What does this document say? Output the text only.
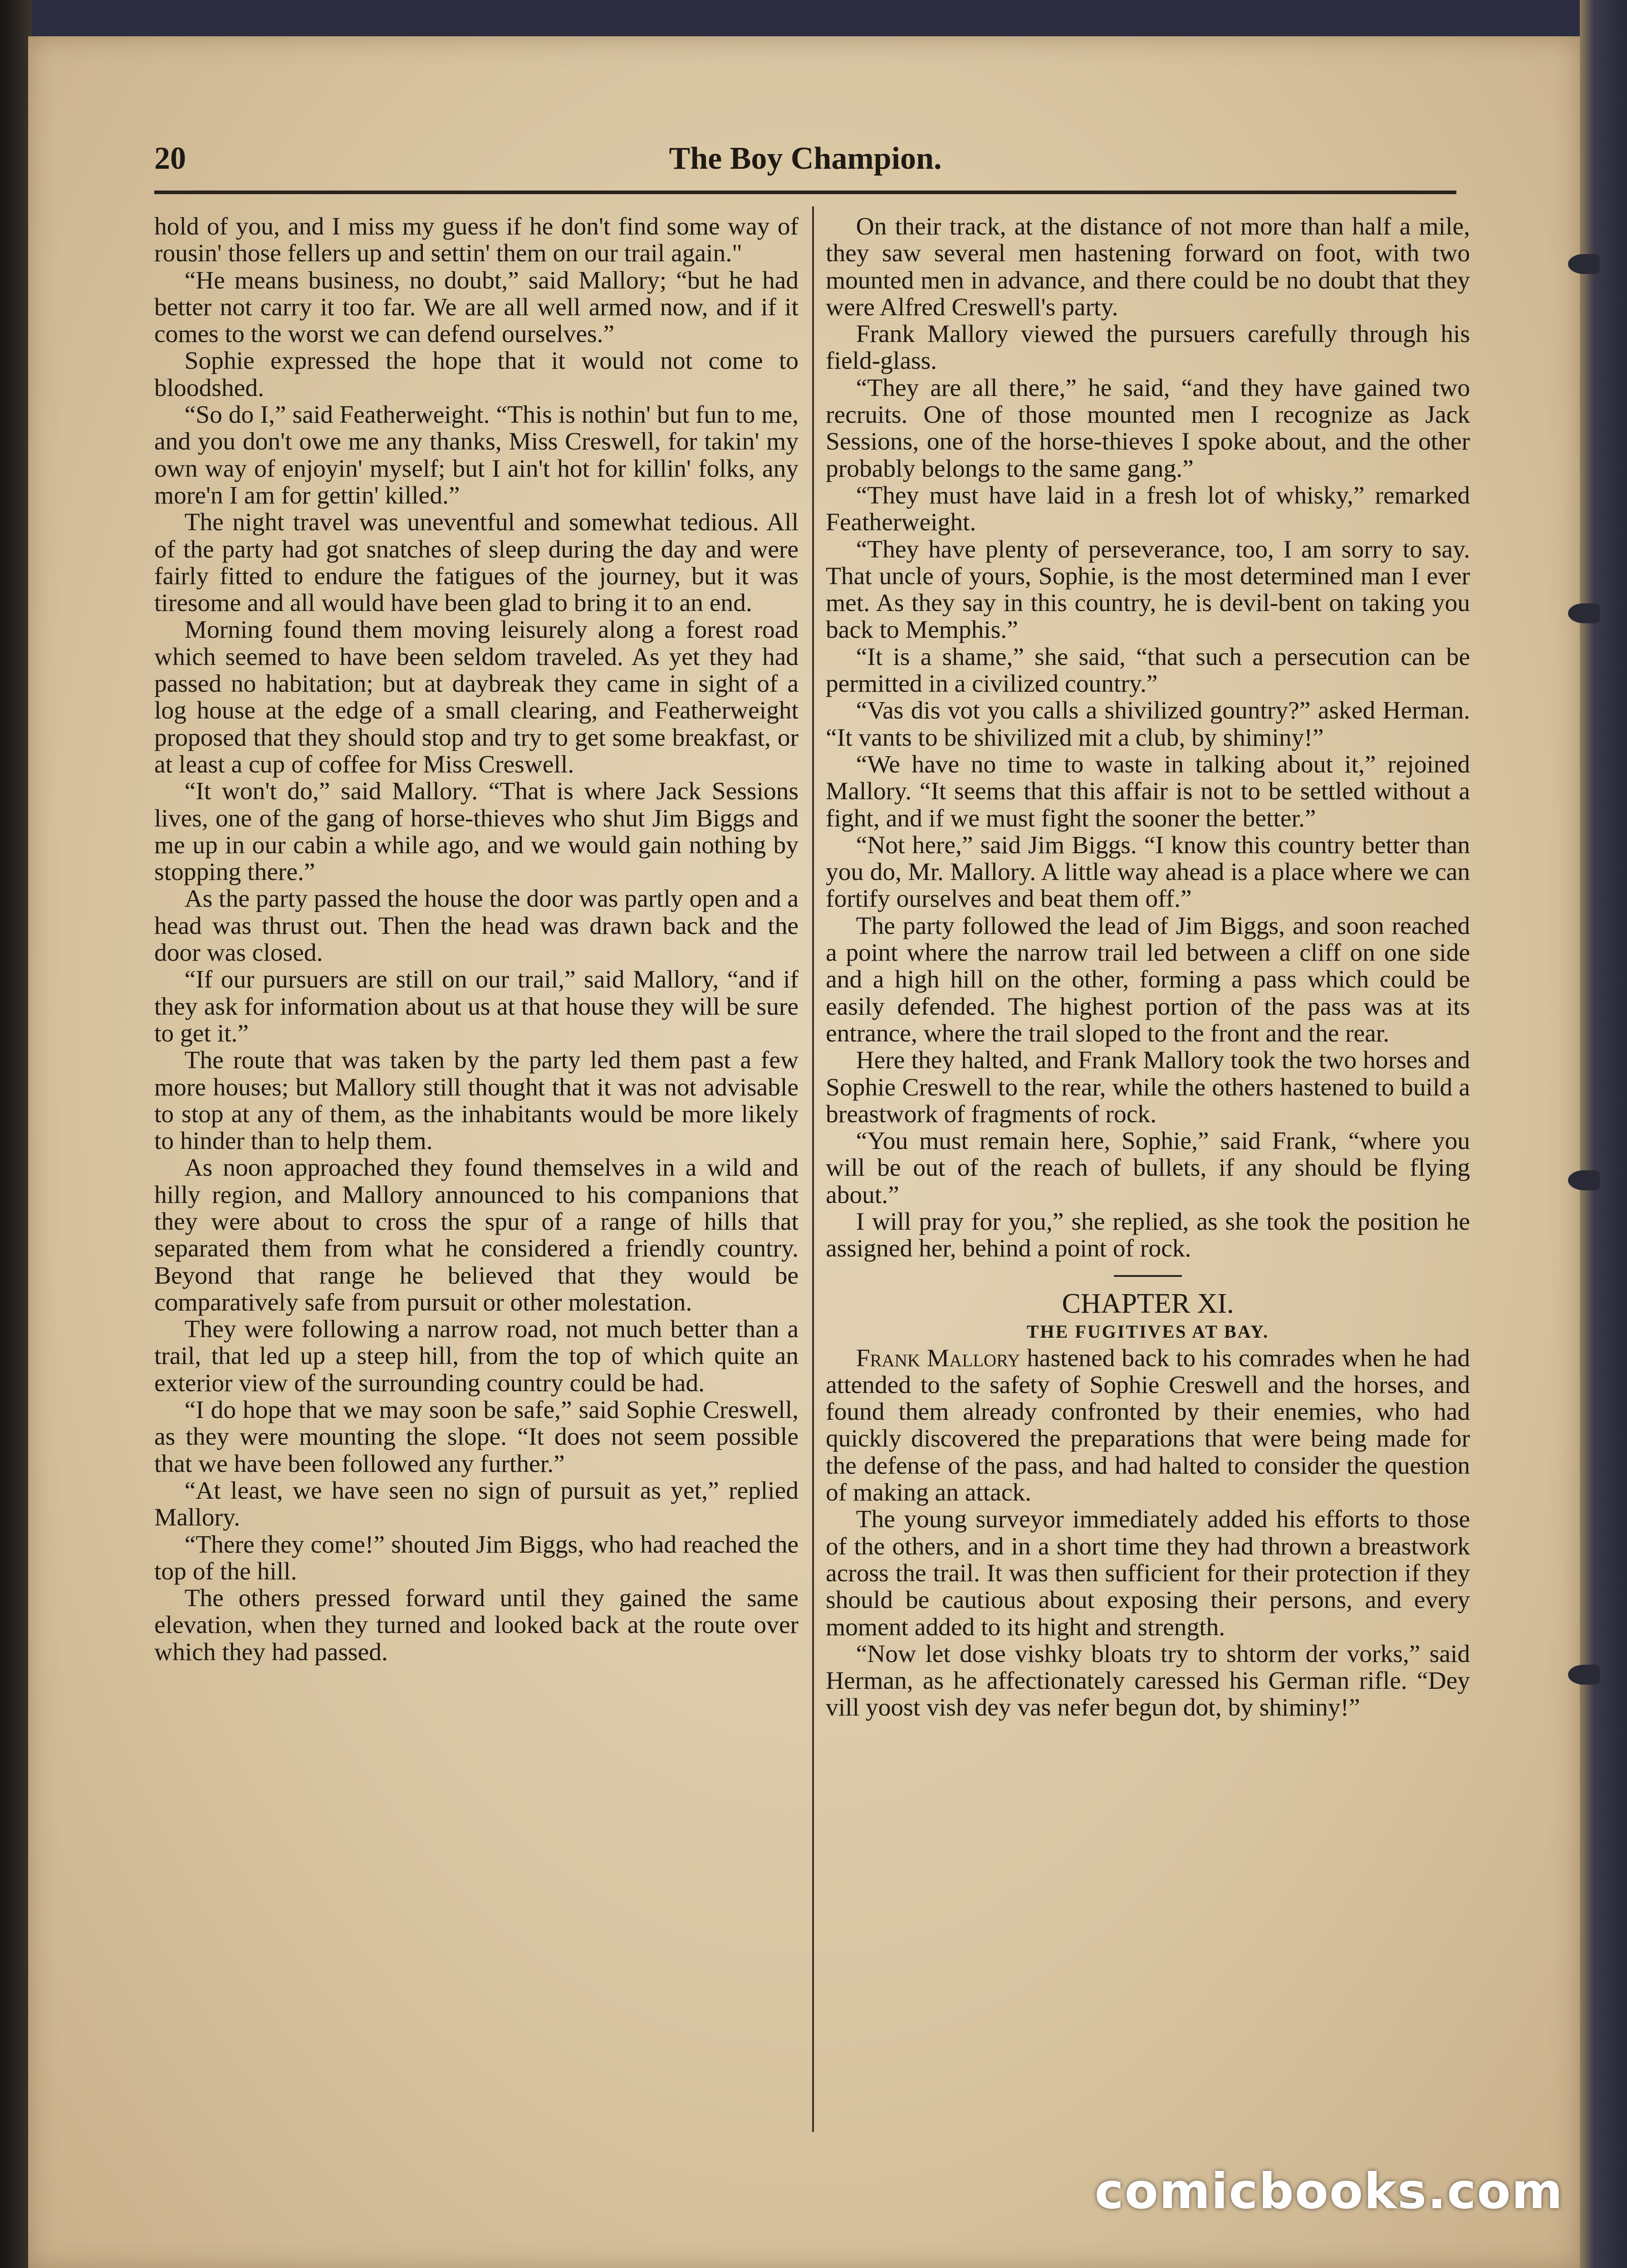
20	The Boy Champion.

hold of you, and I miss my guess if he don't find some way of rousin' those fellers up and settin' them on our trail again."

“He means business, no doubt,” said Mallory; “but he had better not carry it too far. We are all well armed now, and if it comes to the worst we can defend ourselves.”

Sophie expressed the hope that it would not come to bloodshed.

“So do I,” said Featherweight. “This is nothin' but fun to me, and you don't owe me any thanks, Miss Creswell, for takin' my own way of enjoyin' myself; but I ain't hot for killin' folks, any more'n I am for gettin' killed.”

The night travel was uneventful and somewhat tedious. All of the party had got snatches of sleep during the day and were fairly fitted to endure the fatigues of the journey, but it was tiresome and all would have been glad to bring it to an end.

Morning found them moving leisurely along a forest road which seemed to have been seldom traveled. As yet they had passed no habitation; but at daybreak they came in sight of a log house at the edge of a small clearing, and Featherweight proposed that they should stop and try to get some breakfast, or at least a cup of coffee for Miss Creswell.

“It won't do,” said Mallory. “That is where Jack Sessions lives, one of the gang of horse-thieves who shut Jim Biggs and me up in our cabin a while ago, and we would gain nothing by stopping there.”

As the party passed the house the door was partly open and a head was thrust out. Then the head was drawn back and the door was closed.

“If our pursuers are still on our trail,” said Mallory, “and if they ask for information about us at that house they will be sure to get it.”

The route that was taken by the party led them past a few more houses; but Mallory still thought that it was not advisable to stop at any of them, as the inhabitants would be more likely to hinder than to help them.

As noon approached they found themselves in a wild and hilly region, and Mallory announced to his companions that they were about to cross the spur of a range of hills that separated them from what he considered a friendly country. Beyond that range he believed that they would be comparatively safe from pursuit or other molestation.

They were following a narrow road, not much better than a trail, that led up a steep hill, from the top of which quite an exterior view of the surrounding country could be had.

“I do hope that we may soon be safe,” said Sophie Creswell, as they were mounting the slope. “It does not seem possible that we have been followed any further.”

“At least, we have seen no sign of pursuit as yet,” replied Mallory.

“There they come!” shouted Jim Biggs, who had reached the top of the hill.

The others pressed forward until they gained the same elevation, when they turned and looked back at the route over which they had passed.

On their track, at the distance of not more than half a mile, they saw several men hastening forward on foot, with two mounted men in advance, and there could be no doubt that they were Alfred Creswell's party.

Frank Mallory viewed the pursuers carefully through his field-glass.

“They are all there,” he said, “and they have gained two recruits. One of those mounted men I recognize as Jack Sessions, one of the horse-thieves I spoke about, and the other probably belongs to the same gang.”

“They must have laid in a fresh lot of whisky,” remarked Featherweight.

“They have plenty of perseverance, too, I am sorry to say. That uncle of yours, Sophie, is the most determined man I ever met. As they say in this country, he is devil-bent on taking you back to Memphis.”

“It is a shame,” she said, “that such a persecution can be permitted in a civilized country.”

“Vas dis vot you calls a shivilized gountry?” asked Herman. “It vants to be shivilized mit a club, by shiminy!”

“We have no time to waste in talking about it,” rejoined Mallory. “It seems that this affair is not to be settled without a fight, and if we must fight the sooner the better.”

“Not here,” said Jim Biggs. “I know this country better than you do, Mr. Mallory. A little way ahead is a place where we can fortify ourselves and beat them off.”

The party followed the lead of Jim Biggs, and soon reached a point where the narrow trail led between a cliff on one side and a high hill on the other, forming a pass which could be easily defended. The highest portion of the pass was at its entrance, where the trail sloped to the front and the rear.

Here they halted, and Frank Mallory took the two horses and Sophie Creswell to the rear, while the others hastened to build a breastwork of fragments of rock.

“You must remain here, Sophie,” said Frank, “where you will be out of the reach of bullets, if any should be flying about.”

I will pray for you,” she replied, as she took the position he assigned her, behind a point of rock.

CHAPTER XI.
THE FUGITIVES AT BAY.

Frank Mallory hastened back to his comrades when he had attended to the safety of Sophie Creswell and the horses, and found them already confronted by their enemies, who had quickly discovered the preparations that were being made for the defense of the pass, and had halted to consider the question of making an attack.

The young surveyor immediately added his efforts to those of the others, and in a short time they had thrown a breastwork across the trail. It was then sufficient for their protection if they should be cautious about exposing their persons, and every moment added to its hight and strength.

“Now let dose vishky bloats try to shtorm der vorks,” said Herman, as he affectionately caressed his German rifle. “Dey vill yoost vish dey vas nefer begun dot, by shiminy!”

comicbooks.com
